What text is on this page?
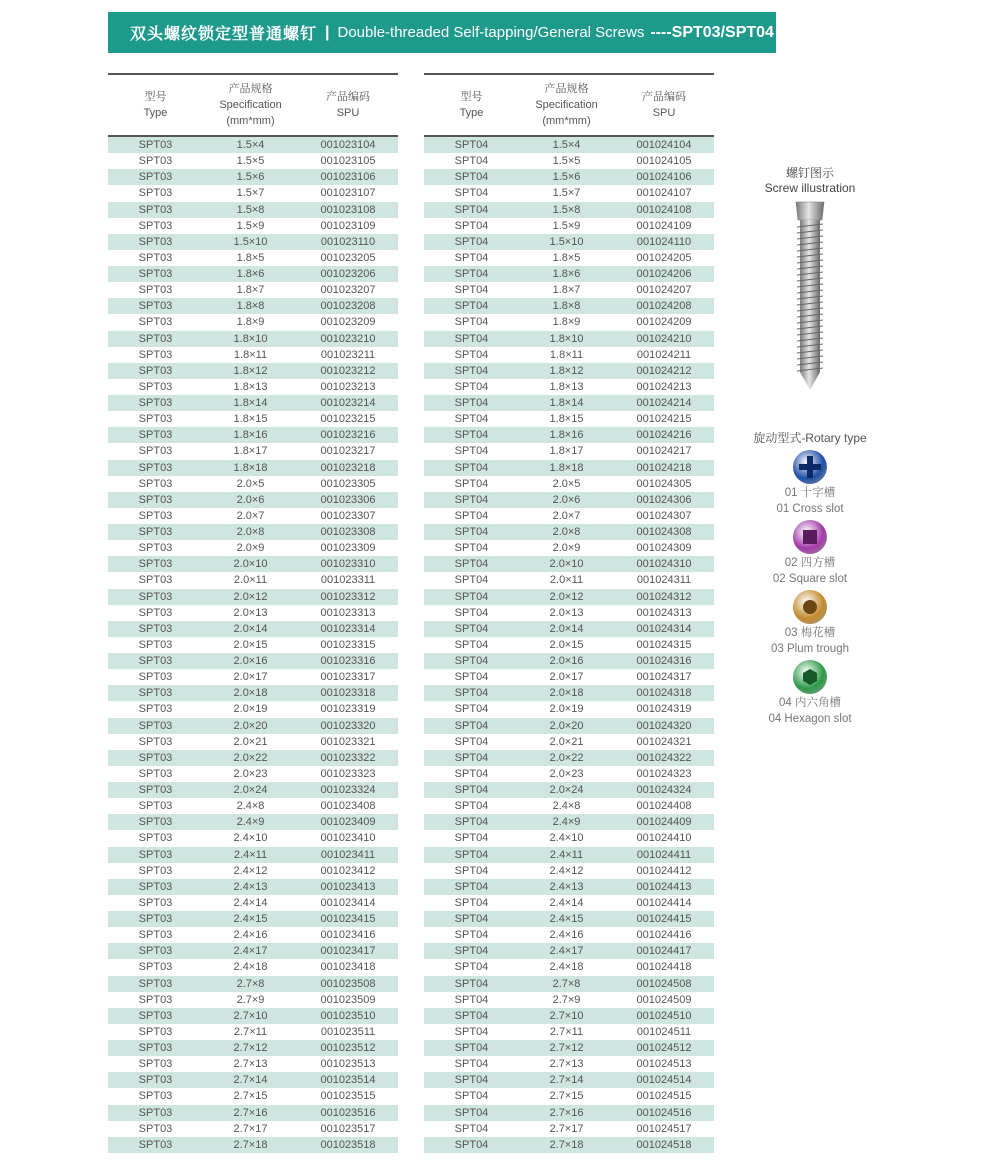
双头螺纹锁定型普通螺钉 | Double-threaded Self-tapping/General Screws ----SPT03/SPT04
型号
Type
产品规格
Specification
(mm*mm)
产品编码
SPU
SPT03	1.5×4	001023104
SPT03	1.5×5	001023105
SPT03	1.5×6	001023106
SPT03	1.5×7	001023107
SPT03	1.5×8	001023108
SPT03	1.5×9	001023109
SPT03	1.5×10	001023110
SPT03	1.8×5	001023205
SPT03	1.8×6	001023206
SPT03	1.8×7	001023207
SPT03	1.8×8	001023208
SPT03	1.8×9	001023209
SPT03	1.8×10	001023210
SPT03	1.8×11	001023211
SPT03	1.8×12	001023212
SPT03	1.8×13	001023213
SPT03	1.8×14	001023214
SPT03	1.8×15	001023215
SPT03	1.8×16	001023216
SPT03	1.8×17	001023217
SPT03	1.8×18	001023218
SPT03	2.0×5	001023305
SPT03	2.0×6	001023306
SPT03	2.0×7	001023307
SPT03	2.0×8	001023308
SPT03	2.0×9	001023309
SPT03	2.0×10	001023310
SPT03	2.0×11	001023311
SPT03	2.0×12	001023312
SPT03	2.0×13	001023313
SPT03	2.0×14	001023314
SPT03	2.0×15	001023315
SPT03	2.0×16	001023316
SPT03	2.0×17	001023317
SPT03	2.0×18	001023318
SPT03	2.0×19	001023319
SPT03	2.0×20	001023320
SPT03	2.0×21	001023321
SPT03	2.0×22	001023322
SPT03	2.0×23	001023323
SPT03	2.0×24	001023324
SPT03	2.4×8	001023408
SPT03	2.4×9	001023409
SPT03	2.4×10	001023410
SPT03	2.4×11	001023411
SPT03	2.4×12	001023412
SPT03	2.4×13	001023413
SPT03	2.4×14	001023414
SPT03	2.4×15	001023415
SPT03	2.4×16	001023416
SPT03	2.4×17	001023417
SPT03	2.4×18	001023418
SPT03	2.7×8	001023508
SPT03	2.7×9	001023509
SPT03	2.7×10	001023510
SPT03	2.7×11	001023511
SPT03	2.7×12	001023512
SPT03	2.7×13	001023513
SPT03	2.7×14	001023514
SPT03	2.7×15	001023515
SPT03	2.7×16	001023516
SPT03	2.7×17	001023517
SPT03	2.7×18	001023518
型号
Type
产品规格
Specification
(mm*mm)
产品编码
SPU
SPT04	1.5×4	001024104
SPT04	1.5×5	001024105
SPT04	1.5×6	001024106
SPT04	1.5×7	001024107
SPT04	1.5×8	001024108
SPT04	1.5×9	001024109
SPT04	1.5×10	001024110
SPT04	1.8×5	001024205
SPT04	1.8×6	001024206
SPT04	1.8×7	001024207
SPT04	1.8×8	001024208
SPT04	1.8×9	001024209
SPT04	1.8×10	001024210
SPT04	1.8×11	001024211
SPT04	1.8×12	001024212
SPT04	1.8×13	001024213
SPT04	1.8×14	001024214
SPT04	1.8×15	001024215
SPT04	1.8×16	001024216
SPT04	1.8×17	001024217
SPT04	1.8×18	001024218
SPT04	2.0×5	001024305
SPT04	2.0×6	001024306
SPT04	2.0×7	001024307
SPT04	2.0×8	001024308
SPT04	2.0×9	001024309
SPT04	2.0×10	001024310
SPT04	2.0×11	001024311
SPT04	2.0×12	001024312
SPT04	2.0×13	001024313
SPT04	2.0×14	001024314
SPT04	2.0×15	001024315
SPT04	2.0×16	001024316
SPT04	2.0×17	001024317
SPT04	2.0×18	001024318
SPT04	2.0×19	001024319
SPT04	2.0×20	001024320
SPT04	2.0×21	001024321
SPT04	2.0×22	001024322
SPT04	2.0×23	001024323
SPT04	2.0×24	001024324
SPT04	2.4×8	001024408
SPT04	2.4×9	001024409
SPT04	2.4×10	001024410
SPT04	2.4×11	001024411
SPT04	2.4×12	001024412
SPT04	2.4×13	001024413
SPT04	2.4×14	001024414
SPT04	2.4×15	001024415
SPT04	2.4×16	001024416
SPT04	2.4×17	001024417
SPT04	2.4×18	001024418
SPT04	2.7×8	001024508
SPT04	2.7×9	001024509
SPT04	2.7×10	001024510
SPT04	2.7×11	001024511
SPT04	2.7×12	001024512
SPT04	2.7×13	001024513
SPT04	2.7×14	001024514
SPT04	2.7×15	001024515
SPT04	2.7×16	001024516
SPT04	2.7×17	001024517
SPT04	2.7×18	001024518
螺钉图示
Screw illustration
旋动型式-Rotary type
01 十字槽
01 Cross slot
02 四方槽
02 Square slot
03 梅花槽
03 Plum trough
04 内六角槽
04 Hexagon slot
